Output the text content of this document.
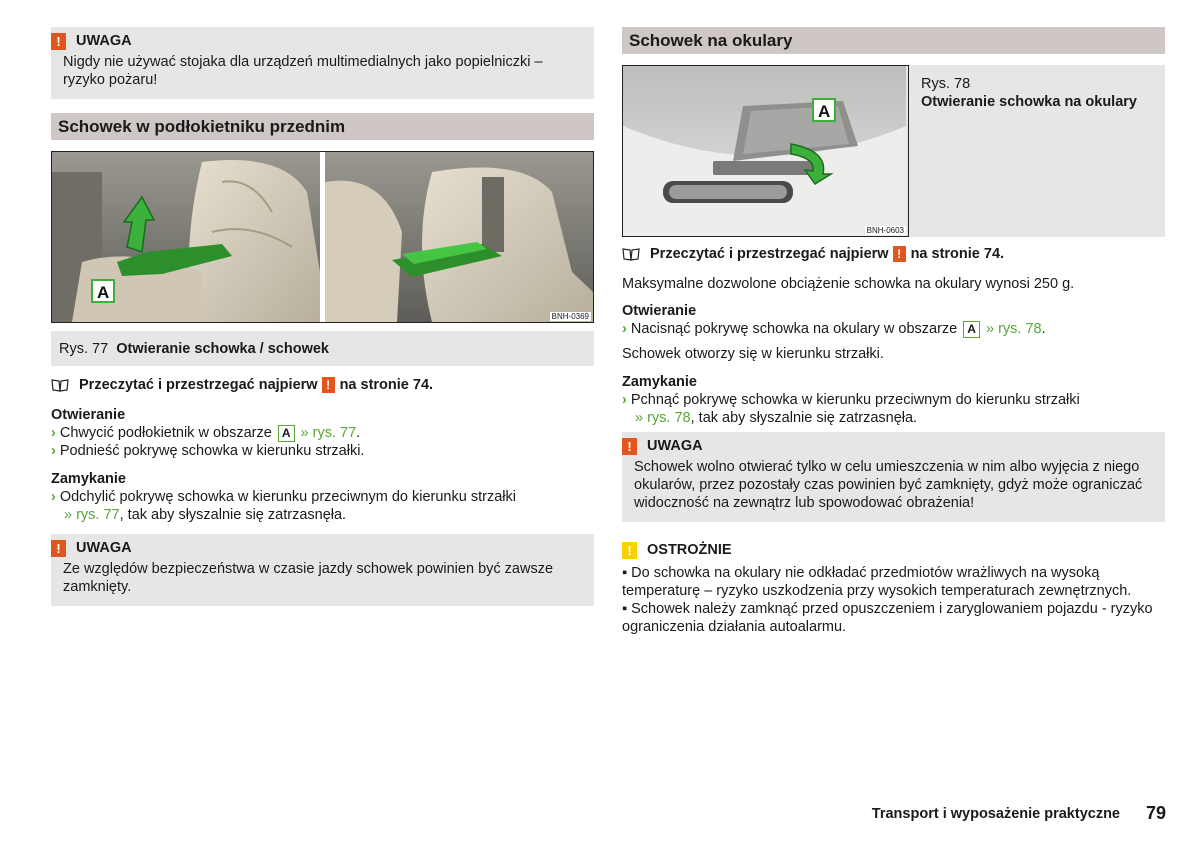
!	UWAGA

Nigdy nie używać stojaka dla urządzeń multimedialnych jako popielniczki – ryzyko pożaru!

Schowek w podłokietniku przednim
A
BNH-0369
Rys. 77 Otwieranie schowka / schowek
Przeczytać i przestrzegać najpierw ! na stronie
74.

Otwieranie

› Chwycić podłokietnik w obszarze A » rys. 77.

› Podnieść pokrywę schowka w kierunku strzałki.

Zamykanie

› Odchylić pokrywę schowka w kierunku przeciwnym do kierunku strzałki

» rys. 77, tak aby słyszalnie się zatrzasnęła.

!	UWAGA

Ze względów bezpieczeństwa w czasie jazdy schowek powinien być zawsze zamknięty.

Schowek na okulary
A
BNH-0603
Rys. 78
Otwieranie schowka na okulary
Przeczytać i przestrzegać najpierw ! na stronie
74.

Maksymalne dozwolone obciążenie schowka na okulary wynosi 250 g.

Otwieranie

› Nacisnąć pokrywę schowka na okulary w obszarze A » rys. 78.

Schowek otworzy się w kierunku strzałki.

Zamykanie

› Pchnąć pokrywę schowka w kierunku przeciwnym do kierunku strzałki

» rys. 78, tak aby słyszalnie się zatrzasnęła.

!	UWAGA

Schowek wolno otwierać tylko w celu umieszczenia w nim albo wyjęcia z niego okularów, przez pozostały czas powinien być zamknięty, gdyż może ograniczać widoczność na zewnątrz lub spowodować obrażenia!

!	OSTROŻNIE

▪ Do schowka na okulary nie odkładać przedmiotów wrażliwych na wysoką temperaturę – ryzyko uszkodzenia przy wysokich temperaturach zewnętrznych.

▪ Schowek należy zamknąć przed opuszczeniem i zaryglowaniem pojazdu - ryzyko ograniczenia działania autoalarmu.

Transport i wyposażenie praktyczne 79
